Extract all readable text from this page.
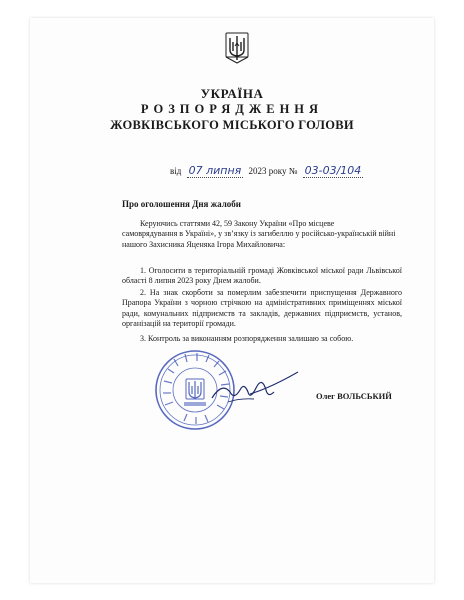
УКРАЇНА
РОЗПОРЯДЖЕННЯ
ЖОВКІВСЬКОГО МІСЬКОГО ГОЛОВИ
від 07 липня 2023 року № 03-03/104
Про оголошення Дня жалоби
Керуючись статтями 42, 59 Закону України «Про місцеве
самоврядування в Україні», у зв’язку із загибеллю у російсько-українській війні
нашого Захисника Яценяка Ігора Михайловича:
1. Оголосити в територіальній громаді Жовківської міської ради Львівської області 8 липня 2023 року Днем жалоби.
2. На знак скорботи за померлим забезпечити приспущення Державного Прапора України з чорною стрічкою на адміністративних приміщеннях міської ради, комунальних підприємств та закладів, державних підприємств, установ, організацій на території громади.
3. Контроль за виконанням розпорядження залишаю за собою.
Олег ВОЛЬСЬКИЙ
